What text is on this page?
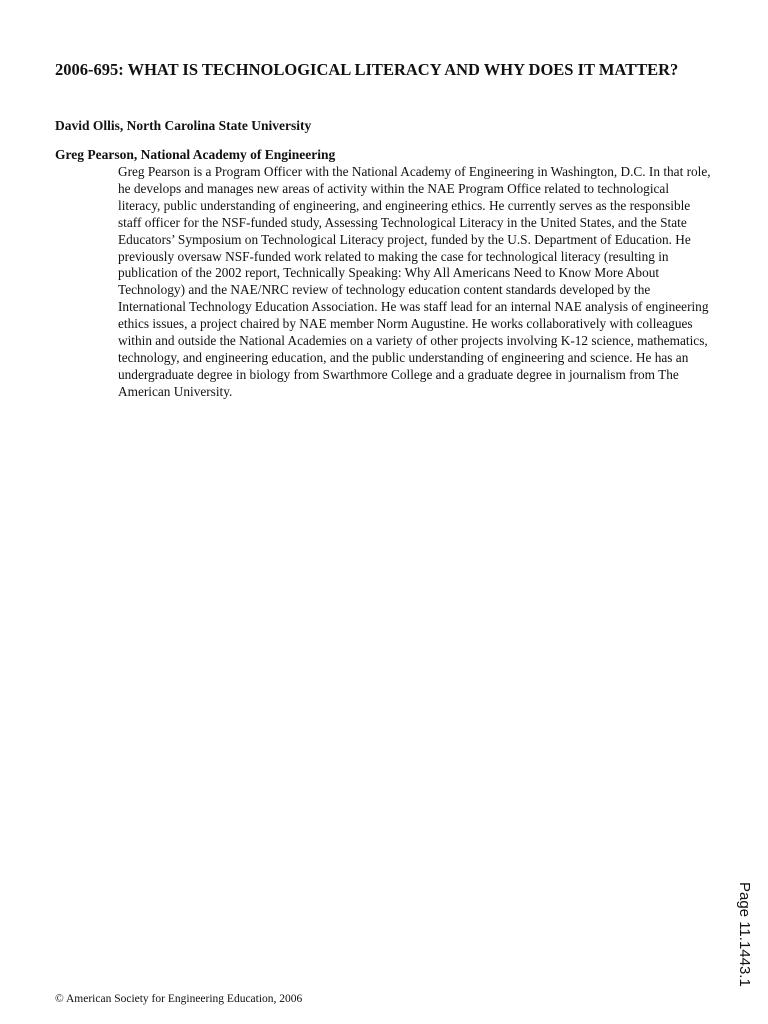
2006-695: WHAT IS TECHNOLOGICAL LITERACY AND WHY DOES IT MATTER?

David Ollis, North Carolina State University

Greg Pearson, National Academy of Engineering

Greg Pearson is a Program Officer with the National Academy of Engineering in Washington, D.C. In that role, he develops and manages new areas of activity within the NAE Program Office related to technological literacy, public understanding of engineering, and engineering ethics. He currently serves as the responsible staff officer for the NSF-funded study, Assessing Technological Literacy in the United States, and the State Educators’ Symposium on Technological Literacy project, funded by the U.S. Department of Education. He previously oversaw NSF-funded work related to making the case for technological literacy (resulting in publication of the 2002 report, Technically Speaking: Why All Americans Need to Know More About Technology) and the NAE/NRC review of technology education content standards developed by the International Technology Education Association. He was staff lead for an internal NAE analysis of engineering ethics issues, a project chaired by NAE member Norm Augustine. He works collaboratively with colleagues within and outside the National Academies on a variety of other projects involving K-12 science, mathematics, technology, and engineering education, and the public understanding of engineering and science. He has an undergraduate degree in biology from Swarthmore College and a graduate degree in journalism from The American University.

Page 11.1443.1

© American Society for Engineering Education, 2006
